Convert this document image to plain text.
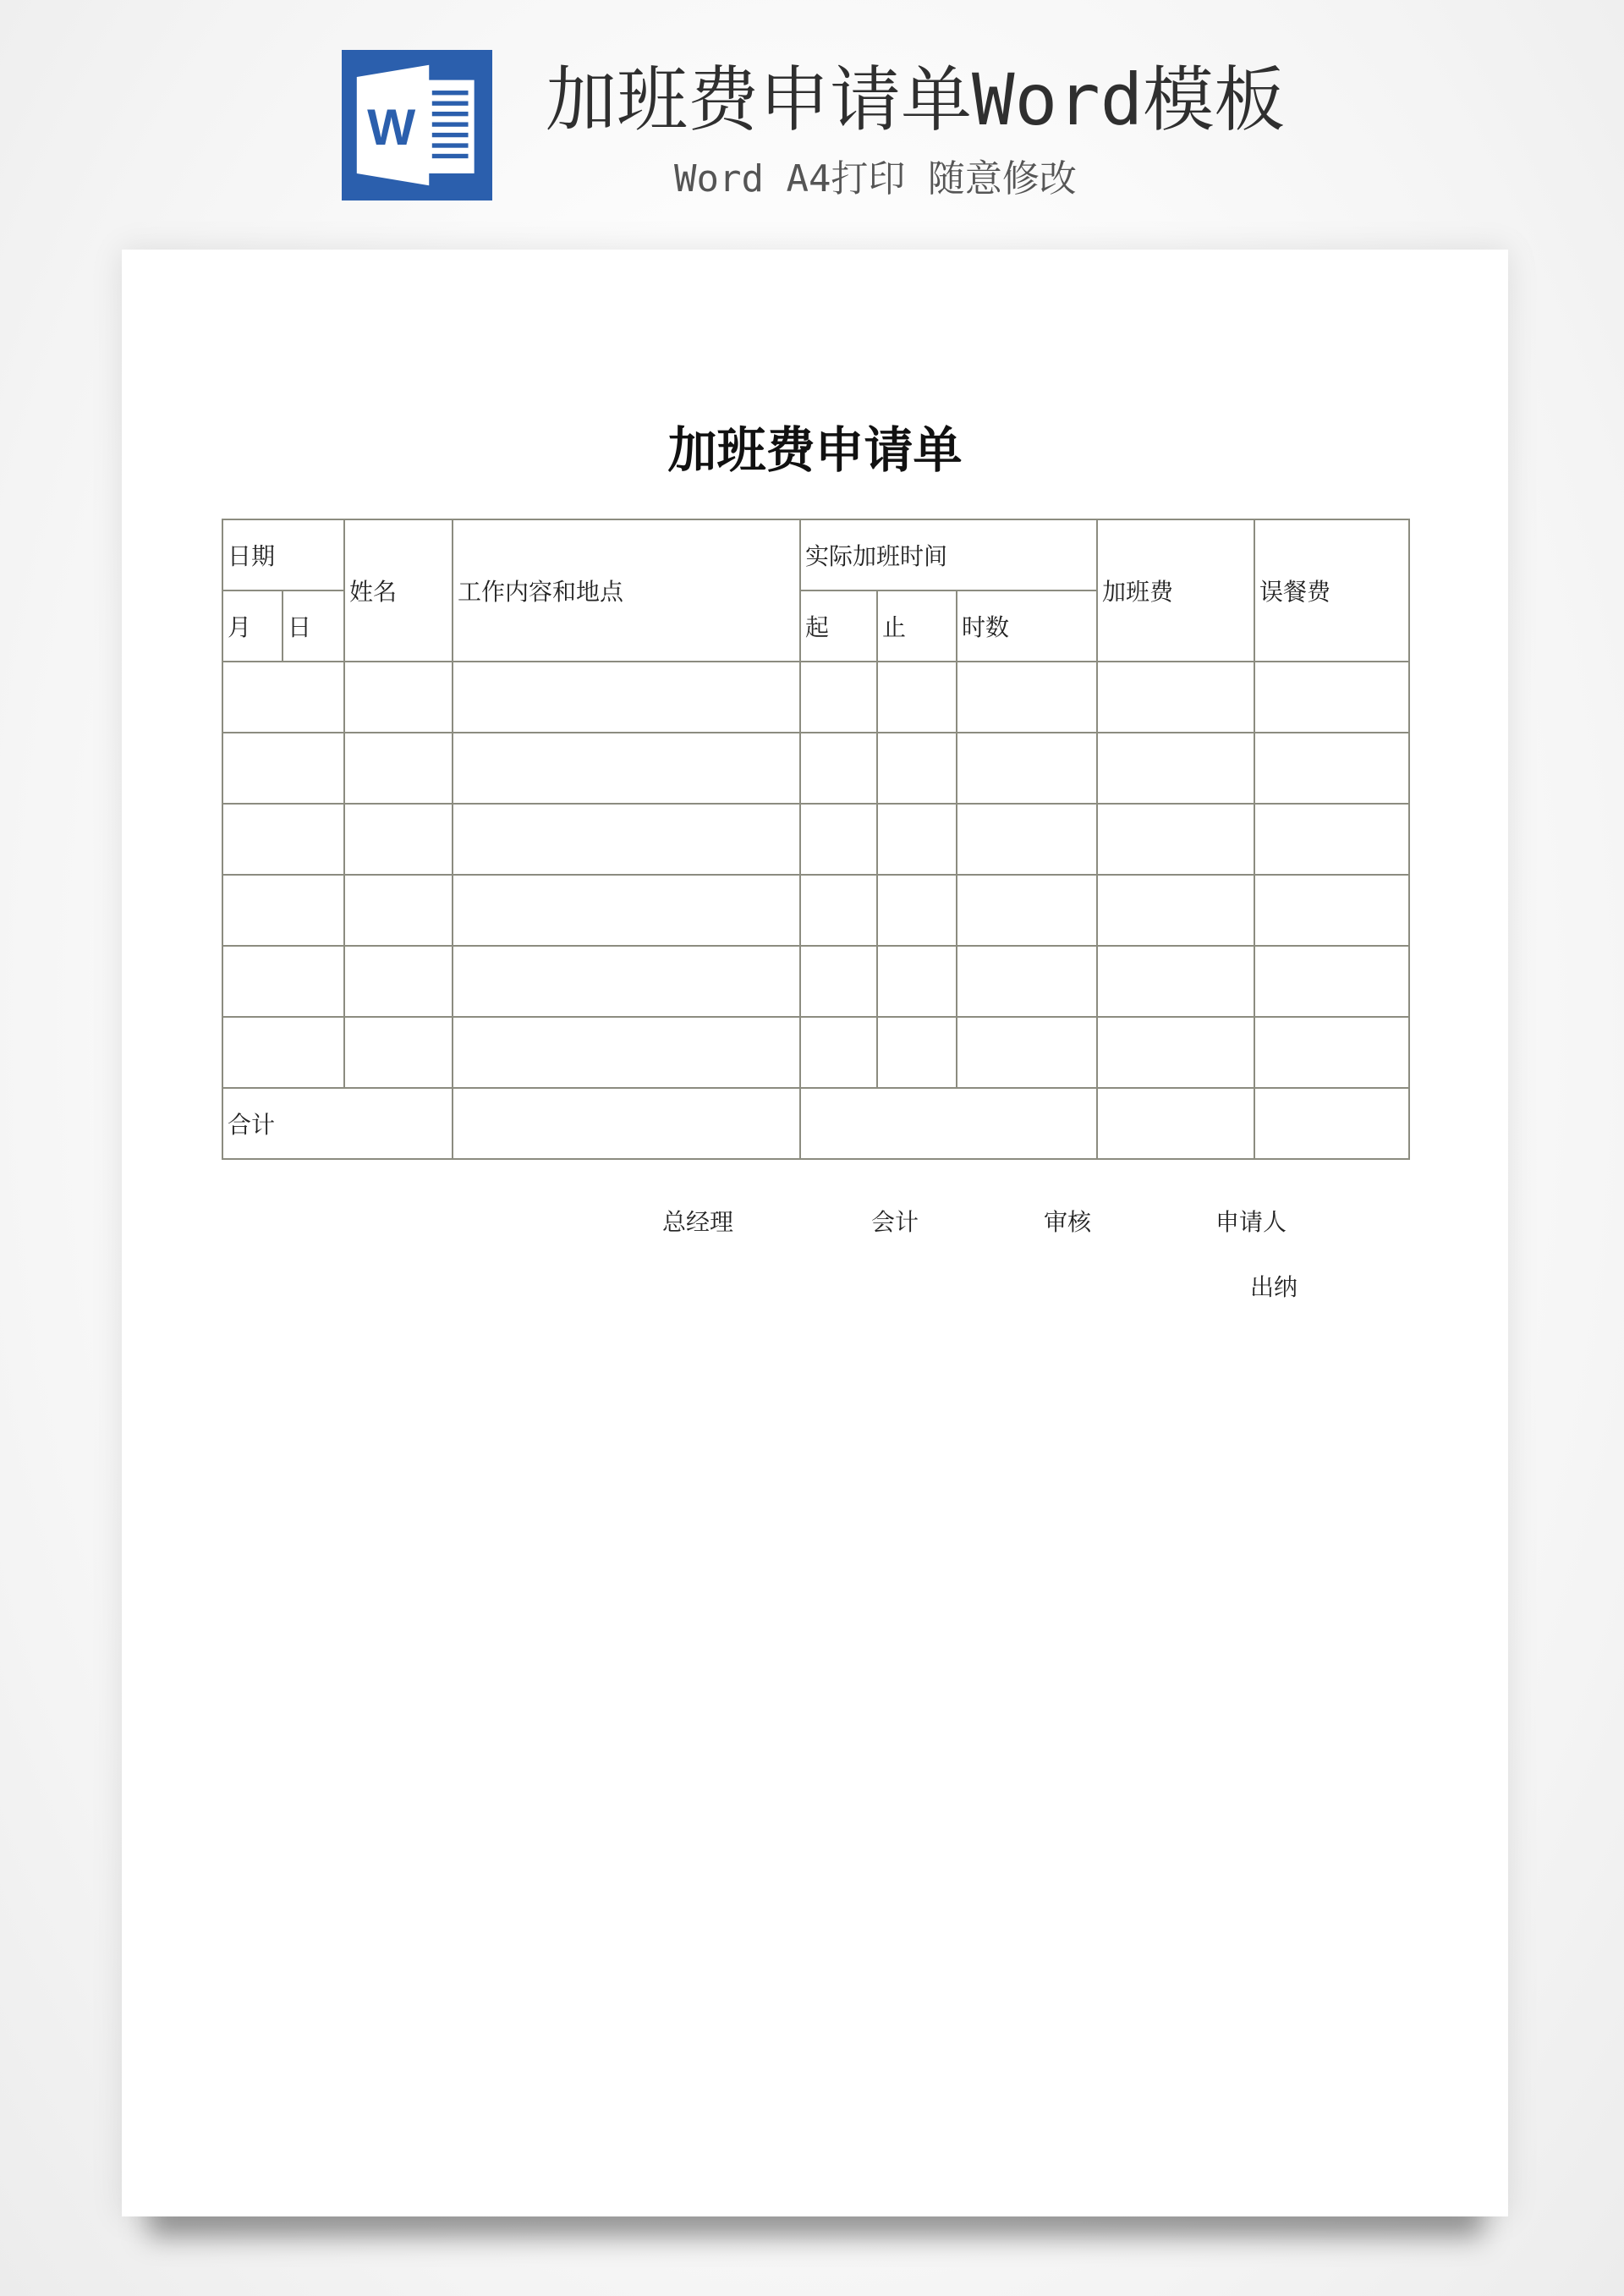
W 加班费申请单Word模板
Word A4打印 随意修改
加班费申请单
日期		姓名	工作内容和地点	实际加班时间			加班费	误餐费
月	日			起	止	时数		

合计								
总经理	会计	审核	申请人
出纳
